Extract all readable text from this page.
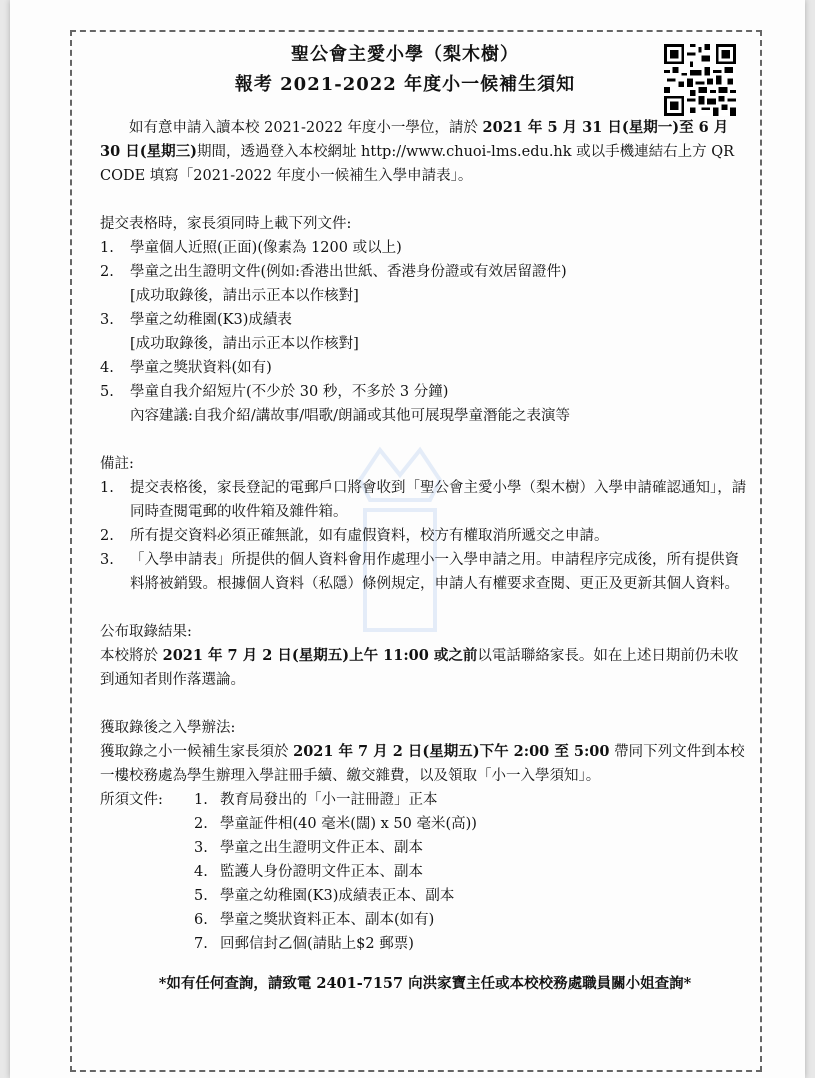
聖公會主愛小學（梨木樹）
報考 2021-2022 年度小一候補生須知

如有意申請入讀本校 2021-2022 年度小一學位，請於 2021 年 5 月 31 日(星期一)至 6 月 30 日(星期三)期間，透過登入本校網址 http://www.chuoi-lms.edu.hk 或以手機連結右上方 QR CODE 填寫「2021-2022 年度小一候補生入學申請表」。

提交表格時，家長須同時上載下列文件:

1. 學童個人近照(正面)(像素為 1200 或以上)
2. 學童之出生證明文件(例如:香港出世紙、香港身份證或有效居留證件)
[成功取錄後，請出示正本以作核對]
3. 學童之幼稚園(K3)成績表
[成功取錄後，請出示正本以作核對]
4. 學童之獎狀資料(如有)
5. 學童自我介紹短片(不少於 30 秒，不多於 3 分鐘)
內容建議:自我介紹/講故事/唱歌/朗誦或其他可展現學童潛能之表演等

備註:

1. 提交表格後，家長登記的電郵戶口將會收到「聖公會主愛小學（梨木樹）入學申請確認通知」，請同時查閱電郵的收件箱及雜件箱。
2. 所有提交資料必須正確無訛，如有虛假資料，校方有權取消所遞交之申請。
3. 「入學申請表」所提供的個人資料會用作處理小一入學申請之用。申請程序完成後，所有提供資料將被銷毀。根據個人資料（私隱）條例規定，申請人有權要求查閱、更正及更新其個人資料。

公布取錄結果:

本校將於 2021 年 7 月 2 日(星期五)上午 11:00 或之前以電話聯絡家長。如在上述日期前仍未收到通知者則作落選論。

獲取錄後之入學辦法:

獲取錄之小一候補生家長須於 2021 年 7 月 2 日(星期五)下午 2:00 至 5:00 帶同下列文件到本校一樓校務處為學生辦理入學註冊手續、繳交雜費，以及領取「小一入學須知」。

所須文件: 1. 教育局發出的「小一註冊證」正本
2. 學童証件相(40 毫米(闊) x 50 毫米(高))
3. 學童之出生證明文件正本、副本
4. 監護人身份證明文件正本、副本
5. 學童之幼稚園(K3)成績表正本、副本
6. 學童之獎狀資料正本、副本(如有)
7. 回郵信封乙個(請貼上$2 郵票)

*如有任何查詢，請致電 2401-7157 向洪家寶主任或本校校務處職員關小姐查詢*
